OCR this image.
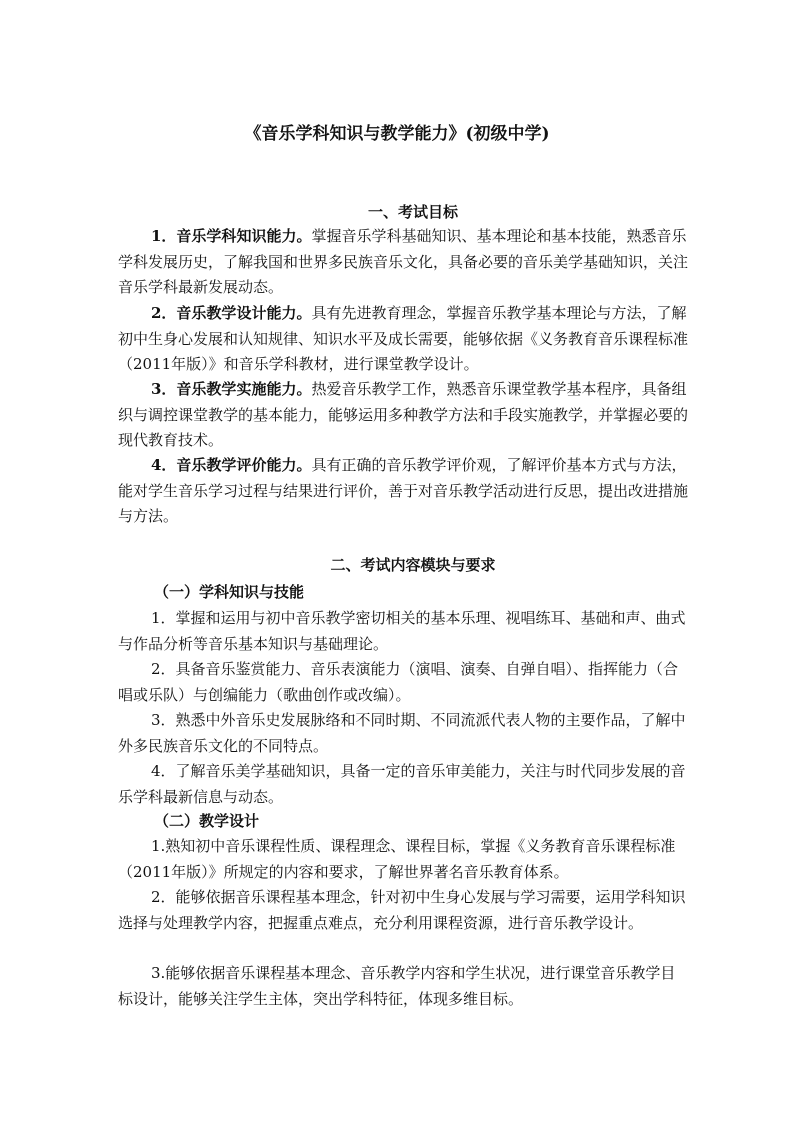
《音乐学科知识与教学能力》(初级中学)
一、考试目标

1．音乐学科知识能力。掌握音乐学科基础知识、基本理论和基本技能，熟悉音乐学科发展历史，了解我国和世界多民族音乐文化，具备必要的音乐美学基础知识，关注音乐学科最新发展动态。

2．音乐教学设计能力。具有先进教育理念，掌握音乐教学基本理论与方法，了解初中生身心发展和认知规律、知识水平及成长需要，能够依据《义务教育音乐课程标准（2011年版）》和音乐学科教材，进行课堂教学设计。

3．音乐教学实施能力。热爱音乐教学工作，熟悉音乐课堂教学基本程序，具备组织与调控课堂教学的基本能力，能够运用多种教学方法和手段实施教学，并掌握必要的现代教育技术。

4．音乐教学评价能力。具有正确的音乐教学评价观，了解评价基本方式与方法，能对学生音乐学习过程与结果进行评价，善于对音乐教学活动进行反思，提出改进措施与方法。

二、考试内容模块与要求
（一）学科知识与技能

1．掌握和运用与初中音乐教学密切相关的基本乐理、视唱练耳、基础和声、曲式与作品分析等音乐基本知识与基础理论。

2．具备音乐鉴赏能力、音乐表演能力（演唱、演奏、自弹自唱）、指挥能力（合唱或乐队）与创编能力（歌曲创作或改编）。

3．熟悉中外音乐史发展脉络和不同时期、不同流派代表人物的主要作品，了解中外多民族音乐文化的不同特点。

4．了解音乐美学基础知识，具备一定的音乐审美能力，关注与时代同步发展的音乐学科最新信息与动态。

（二）教学设计

1.熟知初中音乐课程性质、课程理念、课程目标，掌握《义务教育音乐课程标准（2011年版）》所规定的内容和要求，了解世界著名音乐教育体系。

2．能够依据音乐课程基本理念，针对初中生身心发展与学习需要，运用学科知识选择与处理教学内容，把握重点难点，充分利用课程资源，进行音乐教学设计。

3.能够依据音乐课程基本理念、音乐教学内容和学生状况，进行课堂音乐教学目标设计，能够关注学生主体，突出学科特征，体现多维目标。
